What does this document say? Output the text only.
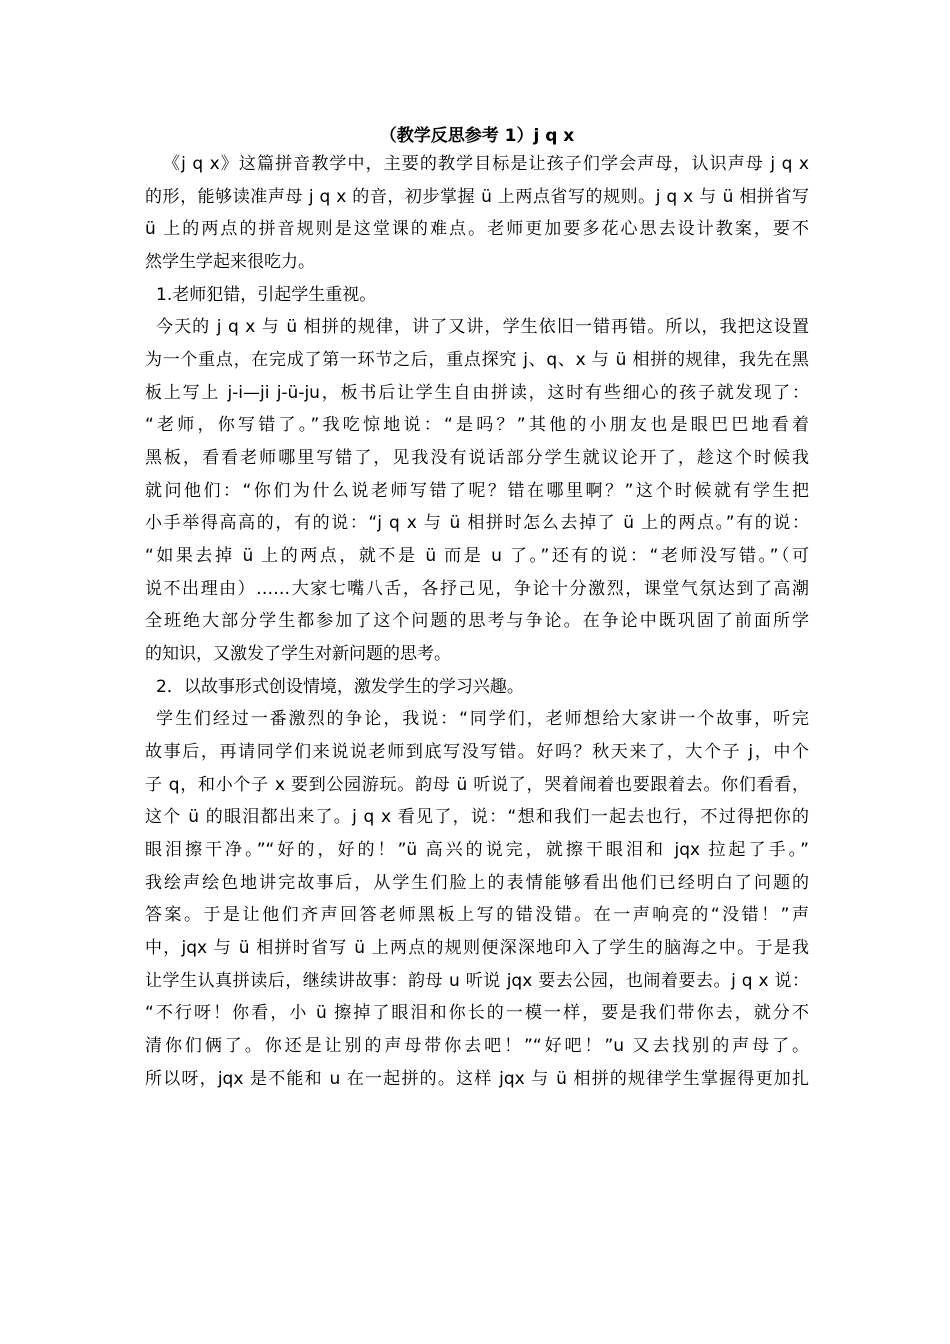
（教学反思参考 1）j q x
《j q x》这篇拼音教学中，主要的教学目标是让孩子们学会声母，认识声母 j q x
的形，能够读准声母 j q x 的音，初步掌握 ü 上两点省写的规则。j q x 与 ü 相拼省写
ü 上的两点的拼音规则是这堂课的难点。老师更加要多花心思去设计教案，要不
然学生学起来很吃力。
1.老师犯错，引起学生重视。
今天的 j q x 与 ü 相拼的规律，讲了又讲，学生依旧一错再错。所以，我把这设置
为一个重点，在完成了第一环节之后，重点探究 j、q、x 与 ü 相拼的规律，我先在黑
板上写上 j-i—ji j-ü-ju，板书后让学生自由拼读，这时有些细心的孩子就发现了：
“老师，你写错了。”我吃惊地说：“是吗？”其他的小朋友也是眼巴巴地看着
黑板，看看老师哪里写错了，见我没有说话部分学生就议论开了，趁这个时候我
就问他们：“你们为什么说老师写错了呢？错在哪里啊？”这个时候就有学生把
小手举得高高的，有的说：“j q x 与 ü 相拼时怎么去掉了 ü 上的两点。”有的说：
“如果去掉 ü 上的两点，就不是 ü 而是 u 了。”还有的说：“老师没写错。”（可
说不出理由）……大家七嘴八舌，各抒己见，争论十分激烈，课堂气氛达到了高潮
全班绝大部分学生都参加了这个问题的思考与争论。在争论中既巩固了前面所学
的知识，又激发了学生对新问题的思考。
2．以故事形式创设情境，激发学生的学习兴趣。
学生们经过一番激烈的争论，我说：“同学们，老师想给大家讲一个故事，听完
故事后，再请同学们来说说老师到底写没写错。好吗？秋天来了，大个子 j，中个
子 q，和小个子 x 要到公园游玩。韵母 ü 听说了，哭着闹着也要跟着去。你们看看，
这个 ü 的眼泪都出来了。j q x 看见了，说：“想和我们一起去也行，不过得把你的
眼泪擦干净。”“好的，好的！”ü 高兴的说完，就擦干眼泪和 jqx 拉起了手。”
我绘声绘色地讲完故事后，从学生们脸上的表情能够看出他们已经明白了问题的
答案。于是让他们齐声回答老师黑板上写的错没错。在一声响亮的“没错！”声
中，jqx 与 ü 相拼时省写 ü 上两点的规则便深深地印入了学生的脑海之中。于是我
让学生认真拼读后，继续讲故事：韵母 u 听说 jqx 要去公园，也闹着要去。j q x 说：
“不行呀！你看，小 ü 擦掉了眼泪和你长的一模一样，要是我们带你去，就分不
清你们俩了。你还是让别的声母带你去吧！”“好吧！”u 又去找别的声母了。
所以呀，jqx 是不能和 u 在一起拼的。这样 jqx 与 ü 相拼的规律学生掌握得更加扎
